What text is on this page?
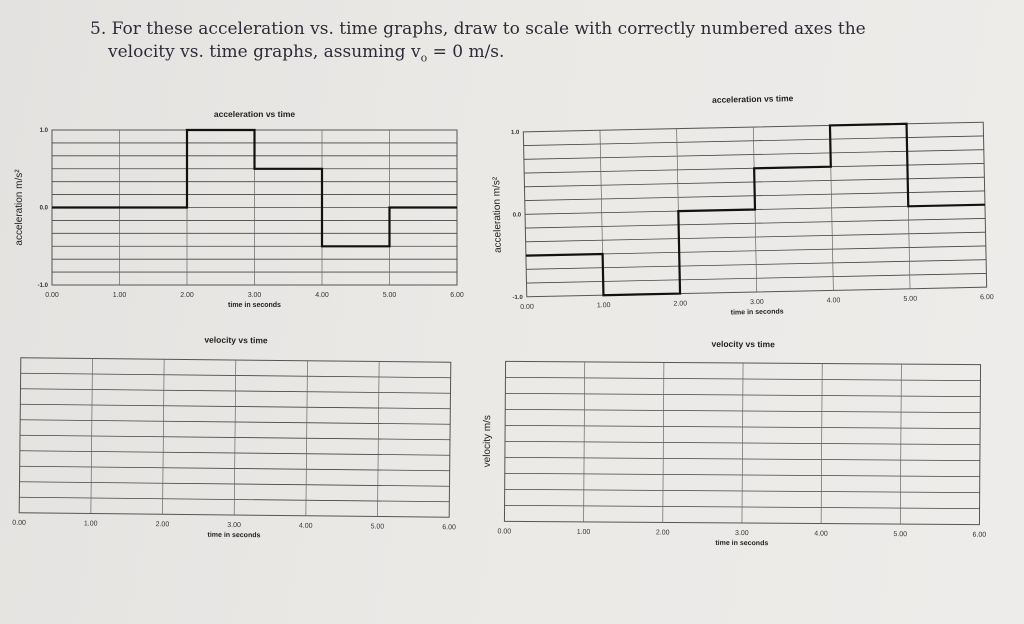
5. For these acceleration vs. time graphs, draw to scale with correctly numbered axes the
velocity vs. time graphs, assuming $v_o = 0$ m/s.
acceleration vs time
0.00	1.00	2.00	3.00	4.00	5.00	6.00
1.0
0.0
-1.0
time in seconds
acceleration m/s²
acceleration vs time
0.00	1.00	2.00	3.00	4.00	5.00	6.00
1.0
0.0
-1.0
time in seconds
acceleration m/s²
velocity vs time
0.00	1.00	2.00	3.00	4.00	5.00	6.00
time in seconds
velocity vs time
0.00	1.00	2.00	3.00	4.00	5.00	6.00
time in seconds
velocity m/s
